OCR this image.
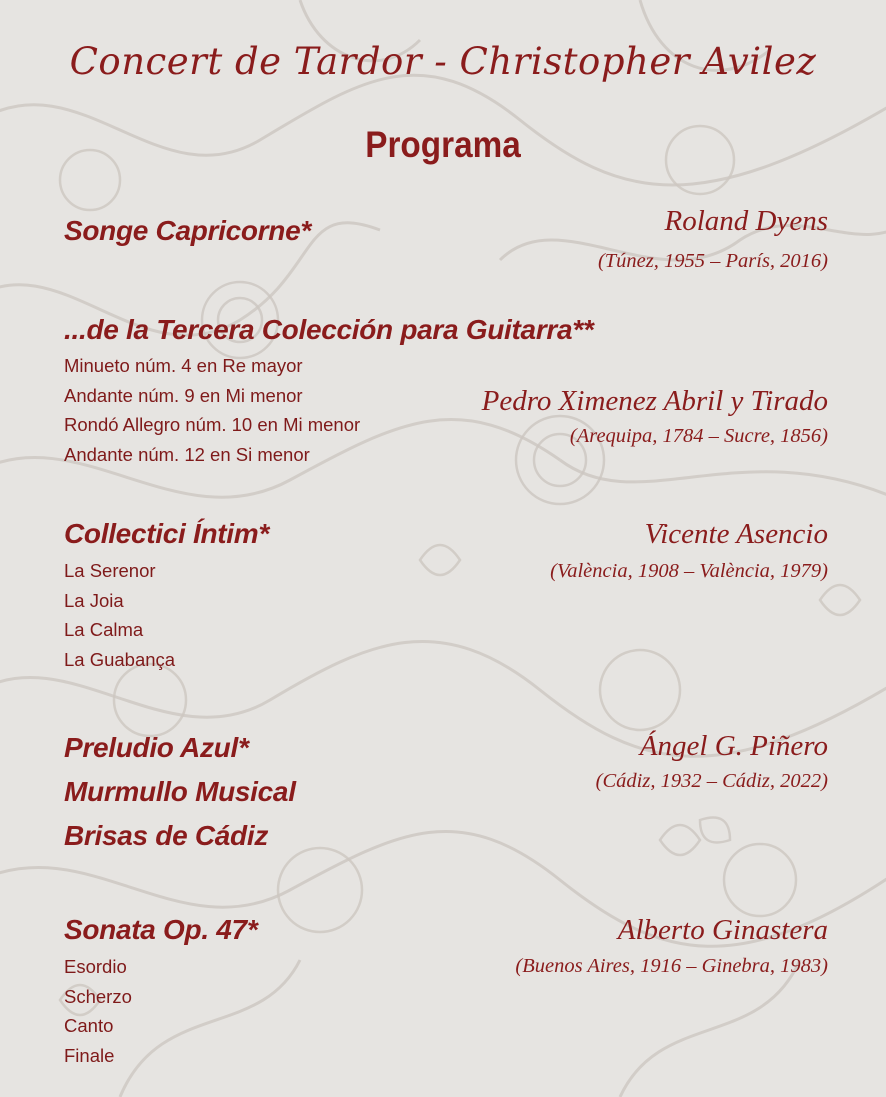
Concert de Tardor - Christopher Avilez
Programa
Songe Capricorne*	Roland Dyens
(Túnez, 1955 – París, 2016)
...de la Tercera Colección para Guitarra**
Minueto núm. 4 en Re mayor
Andante núm. 9 en Mi menor
Rondó Allegro núm. 10 en Mi menor
Andante núm. 12 en Si menor
Pedro Ximenez Abril y Tirado
(Arequipa, 1784 – Sucre, 1856)
Collectici Íntim*
La Serenor
La Joia
La Calma
La Guabança
Vicente Asencio
(València, 1908 – València, 1979)
Preludio Azul*
Murmullo Musical
Brisas de Cádiz
Ángel G. Piñero
(Cádiz, 1932 – Cádiz, 2022)
Sonata Op. 47*
Esordio
Scherzo
Canto
Finale
Alberto Ginastera
(Buenos Aires, 1916 – Ginebra, 1983)
